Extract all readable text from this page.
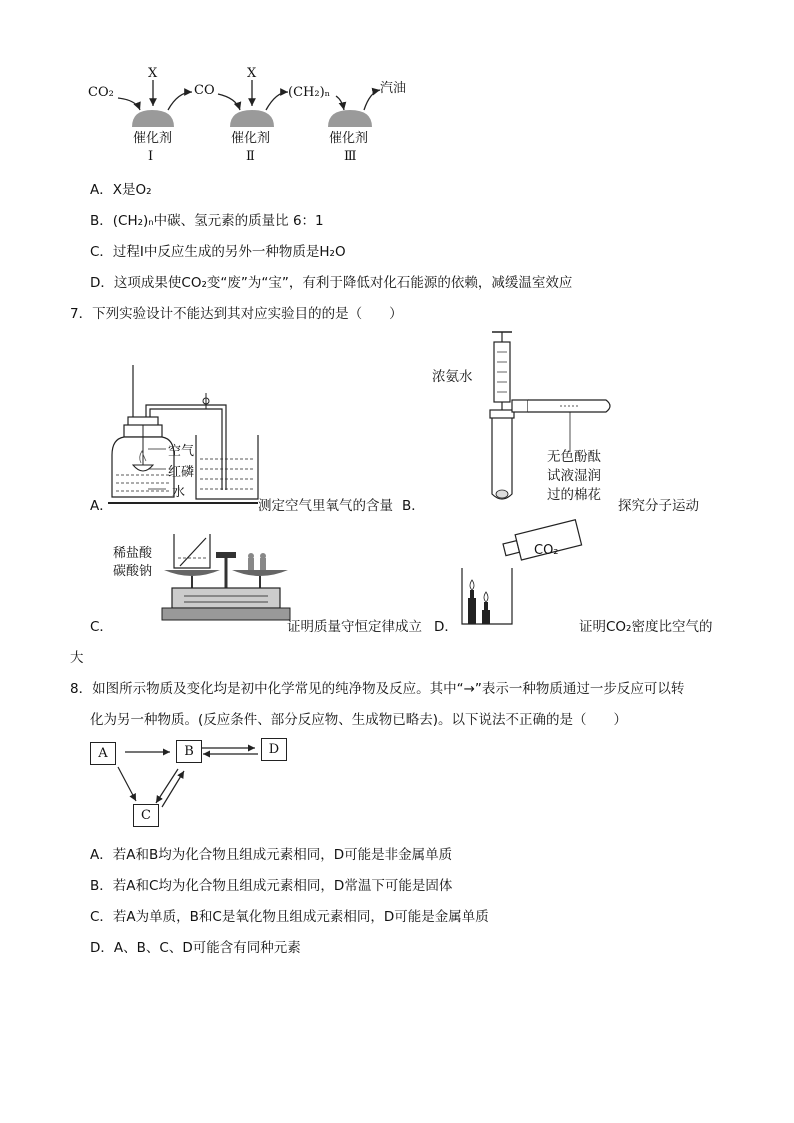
CO₂
X
CO
X
(CH₂)ₙ	汽油
催化剂	催化剂	催化剂
Ⅰ	Ⅱ	Ⅲ
A．X是O₂
B．(CH₂)ₙ中碳、氢元素的质量比 6：1
C．过程Ⅰ中反应生成的另外一种物质是H₂O
D．这项成果使CO₂变“废”为“宝”，有利于降低对化石能源的依赖，减缓温室效应
7．下列实验设计不能达到其对应实验目的的是（　　）
空气
红磷
水
A．	测定空气里氧气的含量 B．
浓氨水
无色酚酞
试液湿润
过的棉花
探究分子运动
稀盐酸
碳酸钠
C．	证明质量守恒定律成立 D．
CO₂
证明CO₂密度比空气的
大
8．如图所示物质及变化均是初中化学常见的纯净物及反应。其中“→”表示一种物质通过一步反应可以转
化为另一种物质。(反应条件、部分反应物、生成物已略去)。以下说法不正确的是（　　）
A	B	D
C
A．若A和B均为化合物且组成元素相同，D可能是非金属单质
B．若A和C均为化合物且组成元素相同，D常温下可能是固体
C．若A为单质，B和C是氧化物且组成元素相同，D可能是金属单质
D．A、B、C、D可能含有同种元素
